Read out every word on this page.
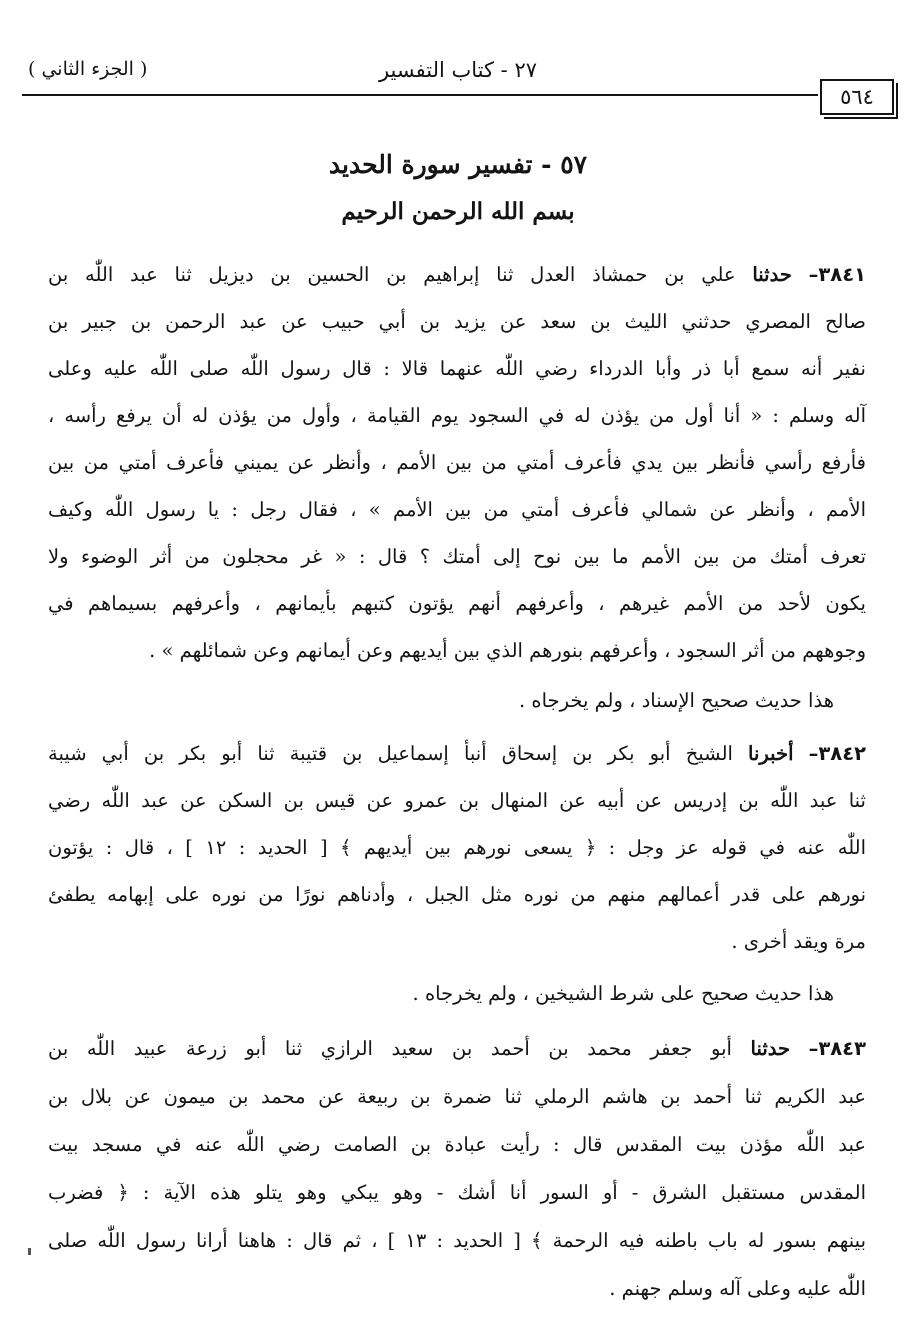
( الجزء الثاني )	٢٧ - كتاب التفسير
٥٦٤
٥٧ - تفسير سورة الحديد
بسم الله الرحمن الرحيم
٣٨٤١– حدثنا علي بن حمشاذ العدل ثنا إبراهيم بن الحسين بن ديزيل ثنا عبد اللّٰه بن
صالح المصري حدثني الليث بن سعد عن يزيد بن أبي حبيب عن عبد الرحمن بن جبير بن
نفير أنه سمع أبا ذر وأبا الدرداء رضي اللّٰه عنهما قالا : قال رسول اللّٰه صلى اللّٰه عليه وعلى
آله وسلم : « أنا أول من يؤذن له في السجود يوم القيامة ، وأول من يؤذن له أن يرفع رأسه ،
فأرفع رأسي فأنظر بين يدي فأعرف أمتي من بين الأمم ، وأنظر عن يميني فأعرف أمتي من بين
الأمم ، وأنظر عن شمالي فأعرف أمتي من بين الأمم » ، فقال رجل : يا رسول اللّٰه وكيف
تعرف أمتك من بين الأمم ما بين نوح إلى أمتك ؟ قال : « غر محجلون من أثر الوضوء ولا
يكون لأحد من الأمم غيرهم ، وأعرفهم أنهم يؤتون كتبهم بأيمانهم ، وأعرفهم بسيماهم في
وجوههم من أثر السجود ، وأعرفهم بنورهم الذي بين أيديهم وعن أيمانهم وعن شمائلهم » .
هذا حديث صحيح الإسناد ، ولم يخرجاه .
٣٨٤٢– أخبرنا الشيخ أبو بكر بن إسحاق أنبأ إسماعيل بن قتيبة ثنا أبو بكر بن أبي شيبة
ثنا عبد اللّٰه بن إدريس عن أبيه عن المنهال بن عمرو عن قيس بن السكن عن عبد اللّٰه رضي
اللّٰه عنه في قوله عز وجل : ﴿ يسعى نورهم بين أيديهم ﴾ [ الحديد : ١٢ ] ، قال : يؤتون
نورهم على قدر أعمالهم منهم من نوره مثل الجبل ، وأدناهم نورًا من نوره على إبهامه يطفئ
مرة ويقد أخرى .
هذا حديث صحيح على شرط الشيخين ، ولم يخرجاه .
٣٨٤٣– حدثنا أبو جعفر محمد بن أحمد بن سعيد الرازي ثنا أبو زرعة عبيد اللّٰه بن
عبد الكريم ثنا أحمد بن هاشم الرملي ثنا ضمرة بن ربيعة عن محمد بن ميمون عن بلال بن
عبد اللّٰه مؤذن بيت المقدس قال : رأيت عبادة بن الصامت رضي اللّٰه عنه في مسجد بيت
المقدس مستقبل الشرق - أو السور أنا أشك - وهو يبكي وهو يتلو هذه الآية : ﴿ فضرب
بينهم بسور له باب باطنه فيه الرحمة ﴾ [ الحديد : ١٣ ] ، ثم قال : هاهنا أرانا رسول اللّٰه صلى
اللّٰه عليه وعلى آله وسلم جهنم .
